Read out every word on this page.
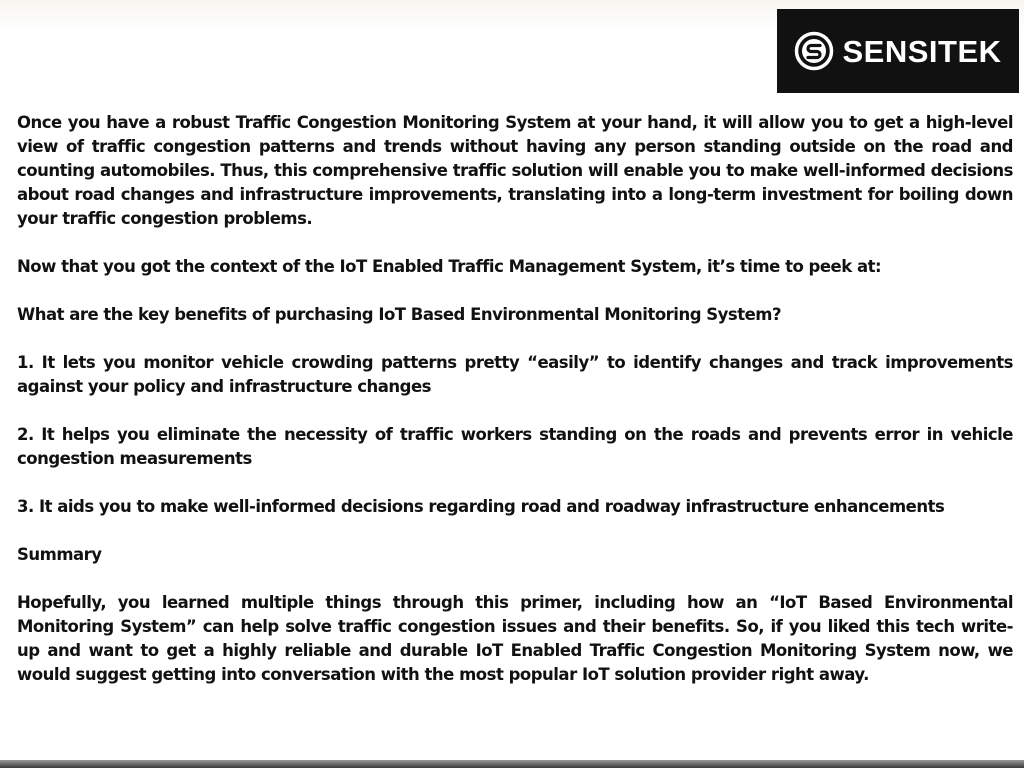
SENSITEK

Once you have a robust Traffic Congestion Monitoring System at your hand, it will allow you to get a high-level view of traffic congestion patterns and trends without having any person standing outside on the road and counting automobiles. Thus, this comprehensive traffic solution will enable you to make well-informed decisions about road changes and infrastructure improvements, translating into a long-term investment for boiling down your traffic congestion problems.

Now that you got the context of the IoT Enabled Traffic Management System, it’s time to peek at:

What are the key benefits of purchasing IoT Based Environmental Monitoring System?

1. It lets you monitor vehicle crowding patterns pretty “easily” to identify changes and track improvements against your policy and infrastructure changes

2. It helps you eliminate the necessity of traffic workers standing on the roads and prevents error in vehicle congestion measurements

3. It aids you to make well-informed decisions regarding road and roadway infrastructure enhancements

Summary

Hopefully, you learned multiple things through this primer, including how an “IoT Based Environmental Monitoring System” can help solve traffic congestion issues and their benefits. So, if you liked this tech write-up and want to get a highly reliable and durable IoT Enabled Traffic Congestion Monitoring System now, we would suggest getting into conversation with the most popular IoT solution provider right away.
